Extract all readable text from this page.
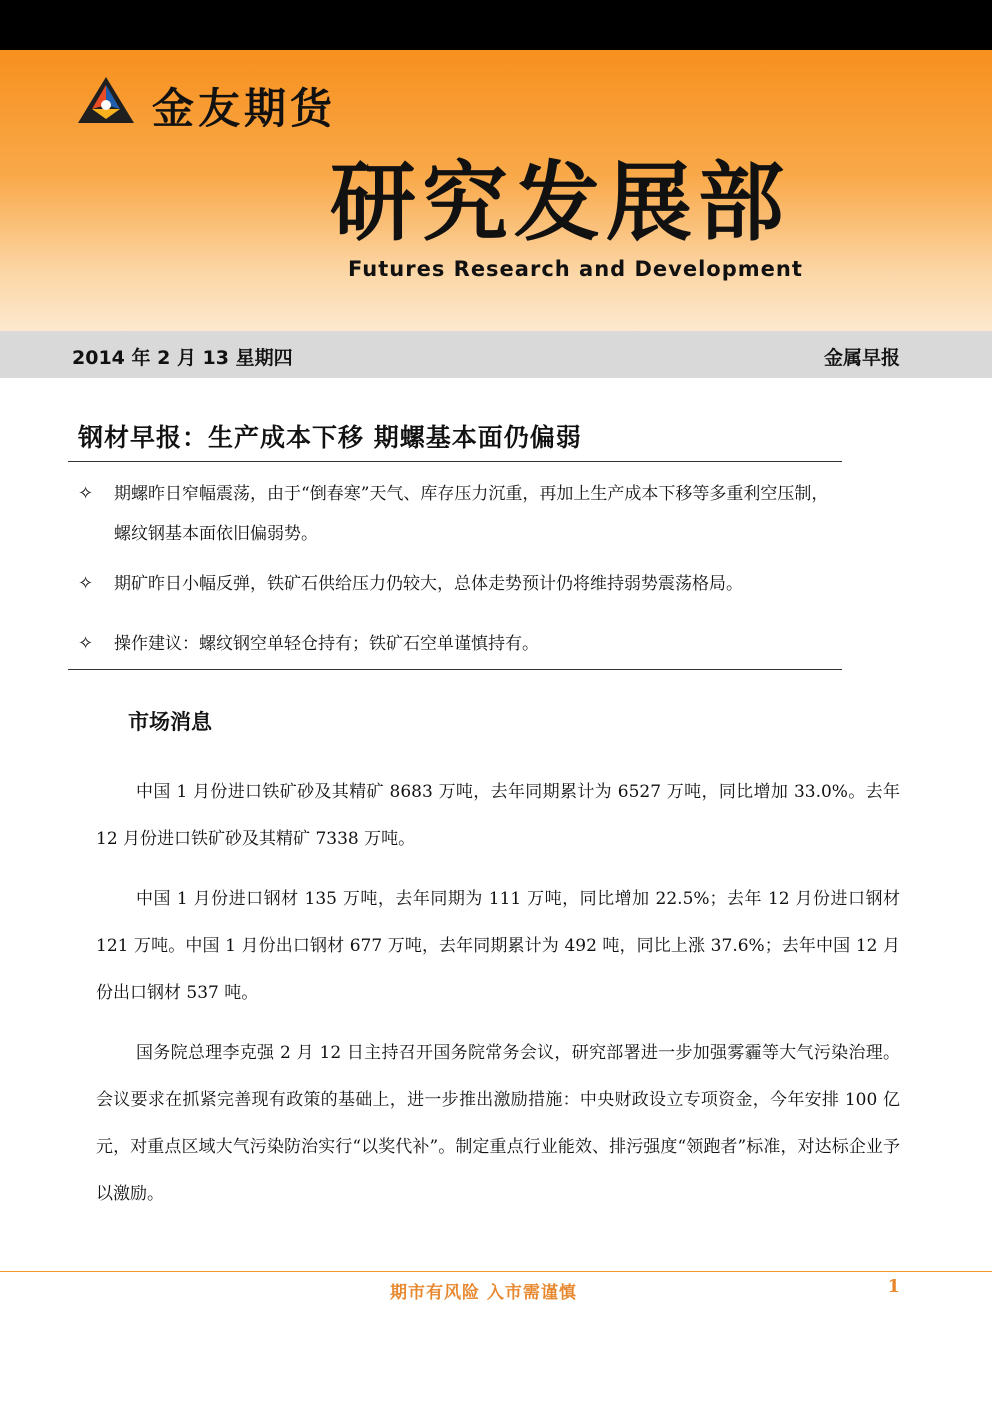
金友期货
研究发展部
Futures Research and Development
2014 年 2 月 13 星期四	金属早报
钢材早报：生产成本下移 期螺基本面仍偏弱
✧	期螺昨日窄幅震荡，由于“倒春寒”天气、库存压力沉重，再加上生产成本下移等多重利空压制，螺纹钢基本面依旧偏弱势。
✧	期矿昨日小幅反弹，铁矿石供给压力仍较大，总体走势预计仍将维持弱势震荡格局。
✧	操作建议：螺纹钢空单轻仓持有；铁矿石空单谨慎持有。
市场消息

中国 1 月份进口铁矿砂及其精矿 8683 万吨，去年同期累计为 6527 万吨，同比增加 33.0%。去年 12 月份进口铁矿砂及其精矿 7338 万吨。

中国 1 月份进口钢材 135 万吨，去年同期为 111 万吨，同比增加 22.5%；去年 12 月份进口钢材 121 万吨。中国 1 月份出口钢材 677 万吨，去年同期累计为 492 吨，同比上涨 37.6%；去年中国 12 月份出口钢材 537 吨。

国务院总理李克强 2 月 12 日主持召开国务院常务会议，研究部署进一步加强雾霾等大气污染治理。会议要求在抓紧完善现有政策的基础上，进一步推出激励措施：中央财政设立专项资金，今年安排 100 亿元，对重点区域大气污染防治实行“以奖代补”。制定重点行业能效、排污强度“领跑者”标准，对达标企业予以激励。

期市有风险 入市需谨慎	1
